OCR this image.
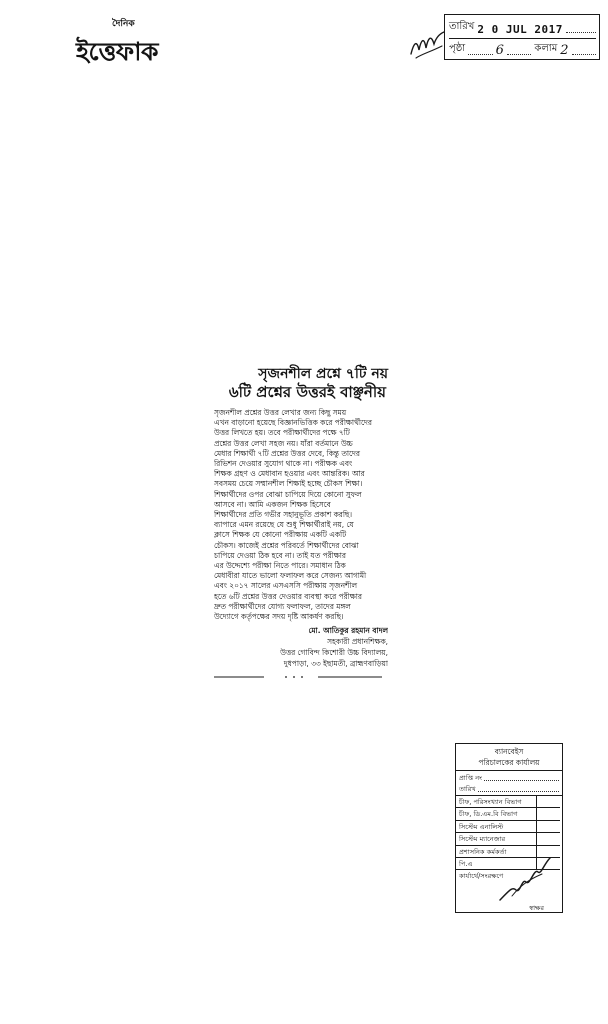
দৈনিক
ইত্তেফাক
তারিখ 2 0 JUL 2017
পৃষ্ঠা 6	কলাম 2
সৃজনশীল প্রশ্নে ৭টি নয়
৬টি প্রশ্নের উত্তরই বাঞ্ছনীয়
সৃজনশীল প্রশ্নের উত্তর লেখার জন্য কিছু সময়
এখন বাড়ানো হয়েছে বিজ্ঞানভিত্তিক করে পরীক্ষার্থীদের
উত্তর লিখতে হয়। তবে পরীক্ষার্থীদের পক্ষে ৭টি
প্রশ্নের উত্তর লেখা সহজ নয়। যাঁরা বর্তমানে উচ্চ
মেধার শিক্ষার্থী ৭টি প্রশ্নের উত্তর দেবে, কিন্তু তাদের
রিভিশন দেওয়ার সুযোগ থাকে না। পরীক্ষক এবং
শিক্ষক গ্রহণ ও মেধাবান হওয়ার এবং আন্তরিক। আর
সবসময় চেয়ে সম্মানশীল শিক্ষাই হচ্ছে চৌকস শিক্ষা।
শিক্ষার্থীদের ওপর বোঝা চাপিয়ে দিয়ে কোনো সুফল
আসবে না। আমি একজন শিক্ষক হিসেবে
শিক্ষার্থীদের প্রতি গভীর সহানুভূতি প্রকাশ করছি।
ব্যাপারে এমন রয়েছে যে শুধু শিক্ষার্থীরাই নয়, যে
ক্লাসে শিক্ষক যে কোনো পরীক্ষায় একটি একটি
চৌকস। কাজেই প্রশ্নের পরিবর্তে শিক্ষার্থীদের বোঝা
চাপিয়ে দেওয়া ঠিক হবে না। তাই যত পরীক্ষার
এর উদ্দেশ্যে পরীক্ষা নিতে পারে। সমাধান ঠিক
মেধাবীরা যাতে ভালো ফলাফল করে সেজন্য আগামী
এবং ২০১৭ সালের এসএসসি পরীক্ষায় সৃজনশীল
হতে ৬টি প্রশ্নের উত্তর দেওয়ার ব্যবস্থা করে পরীক্ষার
দ্রুত পরীক্ষার্থীদের যোগ্য ফলাফল, তাদের মঙ্গল
উদ্যোগে কর্তৃপক্ষের সদয় দৃষ্টি আকর্ষণ করছি।
মো. আতিকুর রহমান বাদল
সহকারী প্রধানশিক্ষক,
উত্তর গোবিন্দ কিশোরী উচ্চ বিদ্যালয়,
দুধপাড়া, ৩৩ ইছামতী, ব্রাহ্মণবাড়িয়া
ব্যানবেইস
পরিচালকের কার্যালয়
প্রাপ্তি নং
তারিখ
চীফ, পরিসংখ্যান বিভাগ
চীফ, ডি.এম.বি বিভাগ
সিস্টেম এনালিস্ট
সিস্টেম ম্যানেজার
প্রশাসনিক কর্মকর্তা
পি.এ
কার্যার্থে/সংরক্ষণে
স্বাক্ষর
